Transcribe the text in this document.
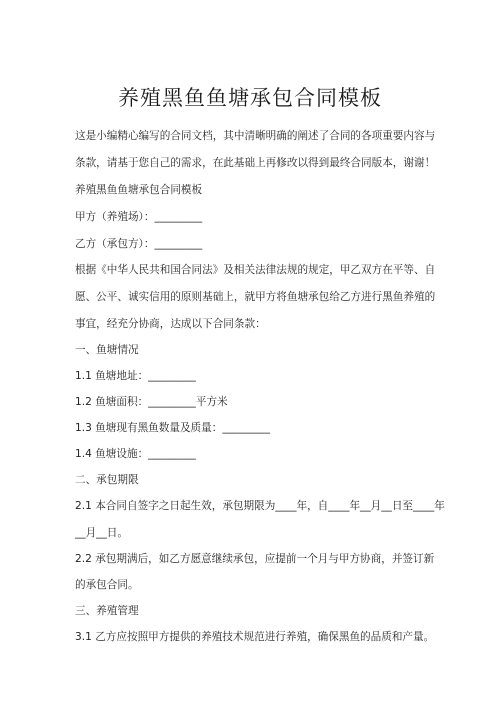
养殖黑鱼鱼塘承包合同模板
这是小编精心编写的合同文档，其中清晰明确的阐述了合同的各项重要内容与
条款，请基于您自己的需求，在此基础上再修改以得到最终合同版本，谢谢！
养殖黑鱼鱼塘承包合同模板
甲方（养殖场）：_________
乙方（承包方）：_________
根据《中华人民共和国合同法》及相关法律法规的规定，甲乙双方在平等、自
愿、公平、诚实信用的原则基础上，就甲方将鱼塘承包给乙方进行黑鱼养殖的
事宜，经充分协商，达成以下合同条款：
一、鱼塘情况
1.1 鱼塘地址：_________
1.2 鱼塘面积：_________平方米
1.3 鱼塘现有黑鱼数量及质量：_________
1.4 鱼塘设施：_________
二、承包期限
2.1 本合同自签字之日起生效，承包期限为____年，自____年__月__日至____年
__月__日。
2.2 承包期满后，如乙方愿意继续承包，应提前一个月与甲方协商，并签订新
的承包合同。
三、养殖管理
3.1 乙方应按照甲方提供的养殖技术规范进行养殖，确保黑鱼的品质和产量。
